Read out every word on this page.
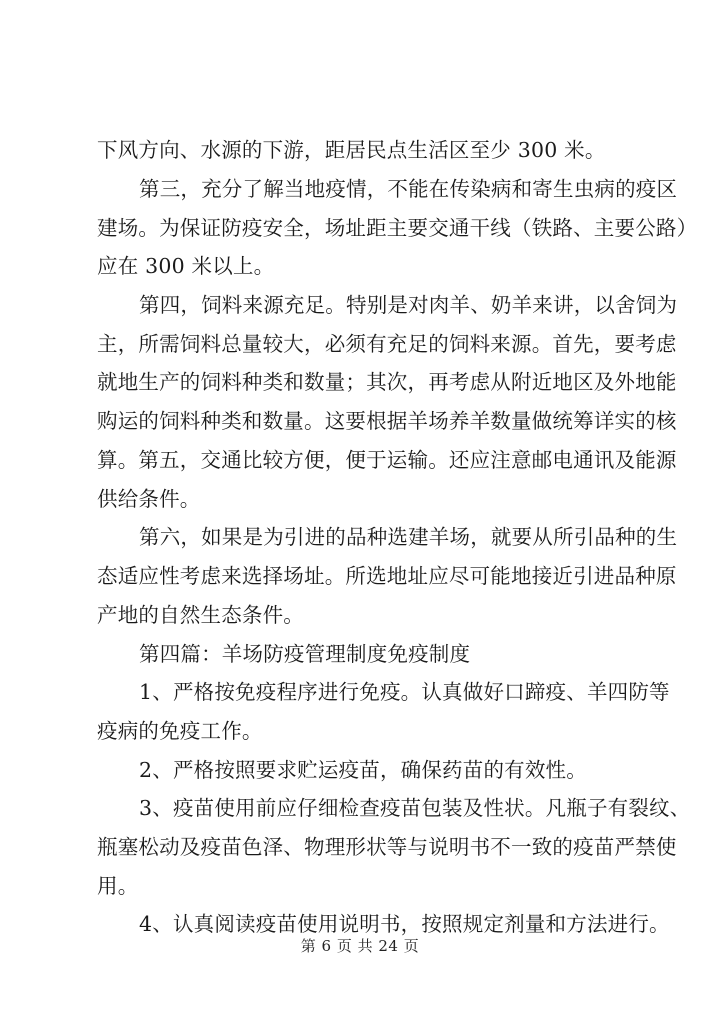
下风方向、水源的下游，距居民点生活区至少 300 米。
第三，充分了解当地疫情，不能在传染病和寄生虫病的疫区
建场。为保证防疫安全，场址距主要交通干线（铁路、主要公路）
应在 300 米以上。
第四，饲料来源充足。特别是对肉羊、奶羊来讲，以舍饲为
主，所需饲料总量较大，必须有充足的饲料来源。首先，要考虑
就地生产的饲料种类和数量；其次，再考虑从附近地区及外地能
购运的饲料种类和数量。这要根据羊场养羊数量做统筹详实的核
算。第五，交通比较方便，便于运输。还应注意邮电通讯及能源
供给条件。
第六，如果是为引进的品种选建羊场，就要从所引品种的生
态适应性考虑来选择场址。所选地址应尽可能地接近引进品种原
产地的自然生态条件。
第四篇：羊场防疫管理制度免疫制度
1、严格按免疫程序进行免疫。认真做好口蹄疫、羊四防等
疫病的免疫工作。
2、严格按照要求贮运疫苗，确保药苗的有效性。
3、疫苗使用前应仔细检查疫苗包装及性状。凡瓶子有裂纹、
瓶塞松动及疫苗色泽、物理形状等与说明书不一致的疫苗严禁使
用。
4、认真阅读疫苗使用说明书，按照规定剂量和方法进行。
第 6 页 共 24 页
